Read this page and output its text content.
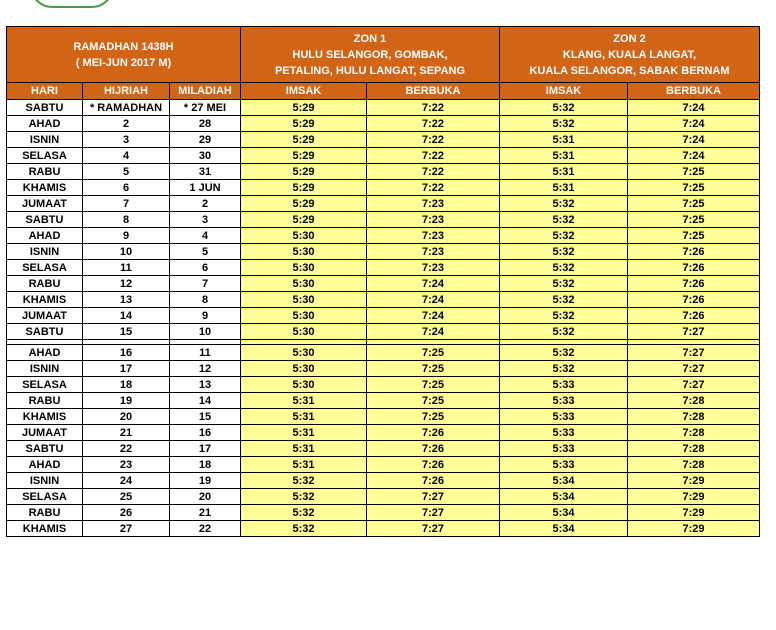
RAMADHAN 1438H
( MEI-JUN 2017 M)			ZON 1
HULU SELANGOR, GOMBAK,
PETALING, HULU LANGAT, SEPANG		ZON 2
KLANG, KUALA LANGAT,
KUALA SELANGOR, SABAK BERNAM	

HARI	HIJRIAH	MILADIAH	IMSAK	BERBUKA	IMSAK	BERBUKA
SABTU	* RAMADHAN	* 27 MEI	5:29	7:22	5:32	7:24
AHAD	2	28	5:29	7:22	5:32	7:24
ISNIN	3	29	5:29	7:22	5:31	7:24
SELASA	4	30	5:29	7:22	5:31	7:24
RABU	5	31	5:29	7:22	5:31	7:25
KHAMIS	6	1 JUN	5:29	7:22	5:31	7:25
JUMAAT	7	2	5:29	7:23	5:32	7:25
SABTU	8	3	5:29	7:23	5:32	7:25
AHAD	9	4	5:30	7:23	5:32	7:25
ISNIN	10	5	5:30	7:23	5:32	7:26
SELASA	11	6	5:30	7:23	5:32	7:26
RABU	12	7	5:30	7:24	5:32	7:26
KHAMIS	13	8	5:30	7:24	5:32	7:26
JUMAAT	14	9	5:30	7:24	5:32	7:26
SABTU	15	10	5:30	7:24	5:32	7:27

AHAD	16	11	5:30	7:25	5:32	7:27
ISNIN	17	12	5:30	7:25	5:32	7:27
SELASA	18	13	5:30	7:25	5:33	7:27
RABU	19	14	5:31	7:25	5:33	7:28
KHAMIS	20	15	5:31	7:25	5:33	7:28
JUMAAT	21	16	5:31	7:26	5:33	7:28
SABTU	22	17	5:31	7:26	5:33	7:28
AHAD	23	18	5:31	7:26	5:33	7:28
ISNIN	24	19	5:32	7:26	5:34	7:29
SELASA	25	20	5:32	7:27	5:34	7:29
RABU	26	21	5:32	7:27	5:34	7:29
KHAMIS	27	22	5:32	7:27	5:34	7:29
